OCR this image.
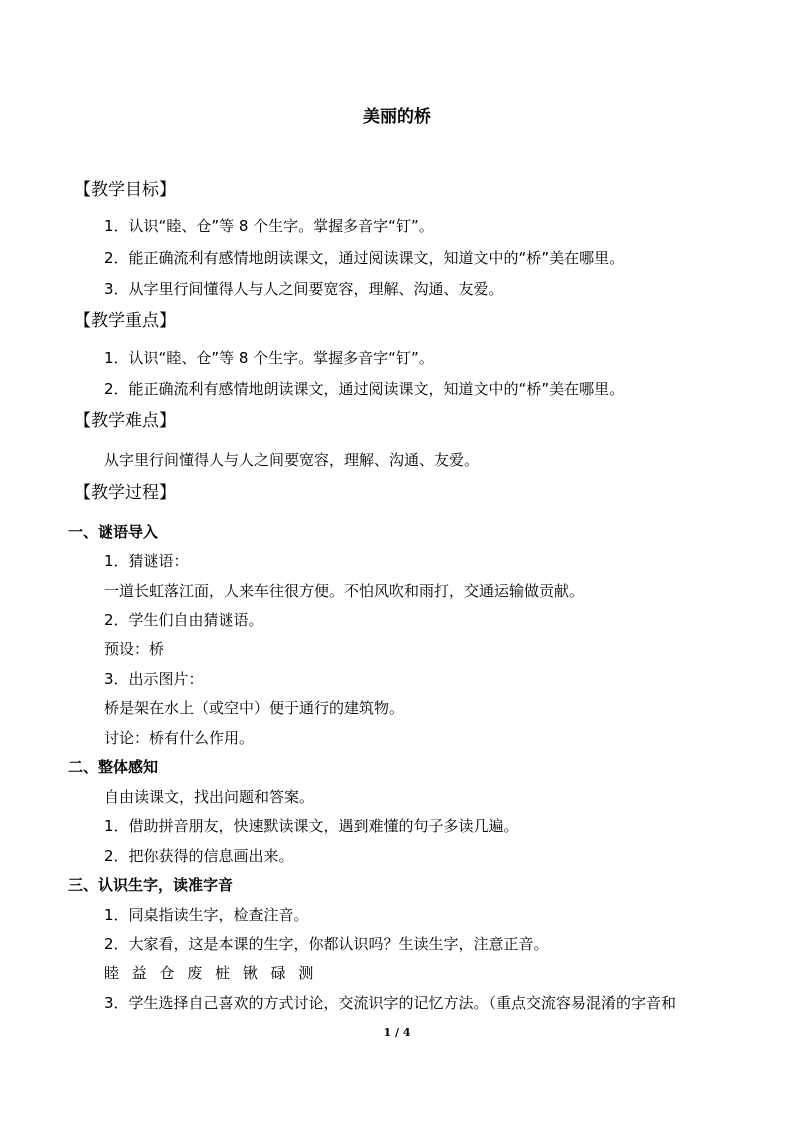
美丽的桥
【教学目标】
1．认识“睦、仓”等 8 个生字。掌握多音字“钉”。
2．能正确流利有感情地朗读课文，通过阅读课文，知道文中的“桥”美在哪里。
3．从字里行间懂得人与人之间要宽容，理解、沟通、友爱。
【教学重点】
1．认识“睦、仓”等 8 个生字。掌握多音字“钉”。
2．能正确流利有感情地朗读课文，通过阅读课文，知道文中的“桥”美在哪里。
【教学难点】
从字里行间懂得人与人之间要宽容，理解、沟通、友爱。
【教学过程】
一、谜语导入
1．猜谜语：
一道长虹落江面，人来车往很方便。不怕风吹和雨打，交通运输做贡献。
2．学生们自由猜谜语。
预设：桥
3．出示图片：
桥是架在水上（或空中）便于通行的建筑物。
讨论：桥有什么作用。
二、整体感知
自由读课文，找出问题和答案。
1．借助拼音朋友，快速默读课文，遇到难懂的句子多读几遍。
2．把你获得的信息画出来。
三、认识生字，读准字音
1．同桌指读生字，检查注音。
2．大家看，这是本课的生字，你都认识吗？生读生字，注意正音。
睦 益 仓 废 桩 锹 碌 测
3．学生选择自己喜欢的方式讨论，交流识字的记忆方法。（重点交流容易混淆的字音和
1 / 4
